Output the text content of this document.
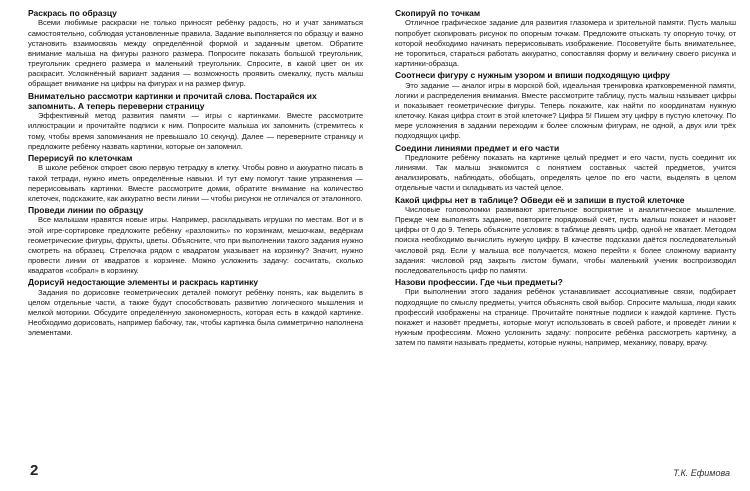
Раскрась по образцу

Всеми любимые раскраски не только приносят ребёнку радость, но и учат заниматься самостоятельно, соблюдая установленные правила. Задание выполняется по образцу и важно установить взаимосвязь между определённой формой и заданным цветом. Обратите внимание малыша на фигуры разного размера. Попросите показать большой треугольник, треугольник среднего размера и маленький треугольник. Спросите, в какой цвет он их раскрасит. Усложнённый вариант задания — возможность проявить смекалку, пусть малыш обращает внимание на цифры на фигурах и на размер фигур.

Внимательно рассмотри картинки и прочитай слова. Постарайся их запомнить. А теперь переверни страницу

Эффективный метод развития памяти — игры с картинками. Вместе рассмотрите иллюстрации и прочитайте подписи к ним. Попросите малыша их запомнить (стремитесь к тому, чтобы время запоминания не превышало 10 секунд). Далее — переверните страницу и предложите ребёнку назвать картинки, которые он запомнил.

Перерисуй по клеточкам

В школе ребёнок откроет свою первую тетрадку в клетку. Чтобы ровно и аккуратно писать в такой тетради, нужно иметь определённые навыки. И тут ему помогут такие упражнения — перерисовывать картинки. Вместе рассмотрите домик, обратите внимание на количество клеточек, подскажите, как аккуратно вести линии — чтобы рисунок не отличался от эталонного.

Проведи линии по образцу

Все малышам нравятся новые игры. Например, раскладывать игрушки по местам. Вот и в этой игре-сортировке предложите ребёнку «разложить» по корзинкам, мешочкам, ведёркам геометрические фигуры, фрукты, цветы. Объясните, что при выполнении такого задания нужно смотреть на образец. Стрелочка рядом с квадратом указывает на корзинку? Значит, нужно провести линии от квадратов к корзинке. Можно усложнить задачу: сосчитать, сколько квадратов «собрал» в корзинку.

Дорисуй недостающие элементы и раскрась картинку

Задания по дорисовке геометрических деталей помогут ребёнку понять, как выделить в целом отдельные части, а также будут способствовать развитию логического мышления и мелкой моторики. Обсудите определённую закономерность, которая есть в каждой картинке. Необходимо дорисовать, например бабочку, так, чтобы картинка была симметрично наполнена элементами.

Скопируй по точкам

Отличное графическое задание для развития глазомера и зрительной памяти. Пусть малыш попробует скопировать рисунок по опорным точкам. Предложите отыскать ту опорную точку, от которой необходимо начинать перерисовывать изображение. Посоветуйте быть внимательнее, не торопиться, стараться работать аккуратно, сопоставляя форму и величину своего рисунка и картинки-образца.

Соотнеси фигуру с нужным узором и впиши подходящую цифру

Это задание — аналог игры в морской бой, идеальная тренировка кратковременной памяти, логики и распределения внимания. Вместе рассмотрите таблицу, пусть малыш называет цифры и показывает геометрические фигуры. Теперь покажите, как найти по координатам нужную клеточку. Какая цифра стоит в этой клеточке? Цифра 5! Пишем эту цифру в пустую клеточку. По мере усложнения в задании переходим к более сложным фигурам, не одной, а двух или трёх подходящих цифр.

Соедини линиями предмет и его части

Предложите ребёнку показать на картинке целый предмет и его части, пусть соединит их линиями. Так малыш знакомится с понятием составных частей предметов, учится анализировать, наблюдать, обобщать, определять целое по его части, выделять в целом отдельные части и складывать из частей целое.

Какой цифры нет в таблице? Обведи её и запиши в пустой клеточке

Числовые головоломки развивают зрительное восприятие и аналитическое мышление. Прежде чем выполнять задание, повторите порядковый счёт, пусть малыш покажет и назовёт цифры от 0 до 9. Теперь объясните условия: в таблице девять цифр, одной не хватает. Методом поиска необходимо вычислить нужную цифру. В качестве подсказки даётся последовательный числовой ряд. Если у малыша всё получается, можно перейти к более сложному варианту задания: числовой ряд закрыть листом бумаги, чтобы маленький ученик воспроизводил последовательность цифр по памяти.

Назови профессии. Где чьи предметы?

При выполнении этого задания ребёнок устанавливает ассоциативные связи, подбирает подходящие по смыслу предметы, учится объяснять свой выбор. Спросите малыша, люди каких профессий изображены на странице. Прочитайте понятные подписи к каждой картинке. Пусть покажет и назовёт предметы, которые могут использовать в своей работе, и проведёт линии к нужным профессиям. Можно усложнить задачу: попросите ребёнка рассмотреть картинку, а затем по памяти называть предметы, которые нужны, например, механику, повару, врачу.

2	Т.К. Ефимова
